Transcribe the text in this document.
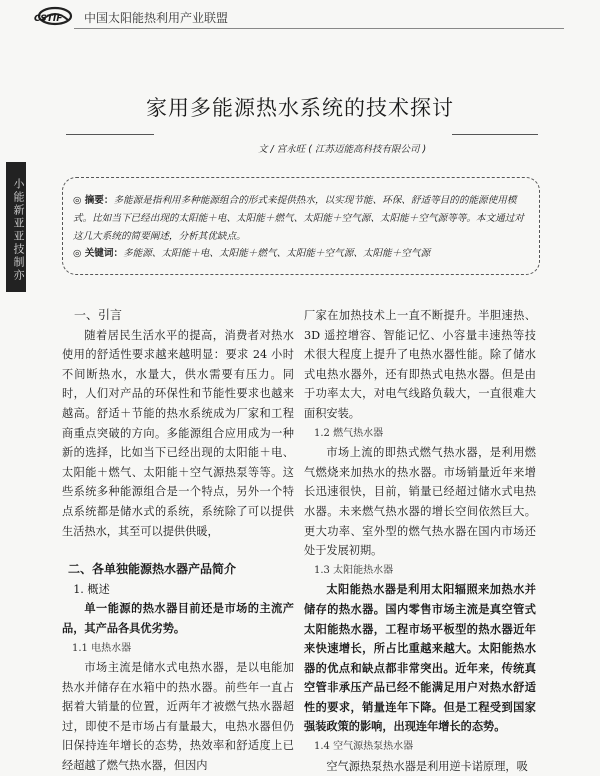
CSTIF	中国太阳能热利用产业联盟
小能新亚亚技制亦
家用多能源热水系统的技术探讨
文 / 宫永旺 ( 江苏迈能高科技有限公司 )
◎ 摘要：多能源是指利用多种能源组合的形式来提供热水，以实现节能、环保、舒适等目的的能源使用模式。比如当下已经出现的太阳能＋电、太阳能＋燃气、太阳能＋空气源、太阳能＋空气源等等。本文通过对这几大系统的简要阐述，分析其优缺点。
◎ 关键词：多能源、太阳能＋电、太阳能＋燃气、太阳能＋空气源、太阳能＋空气源
一、引言

随着居民生活水平的提高，消费者对热水使用的舒适性要求越来越明显：要求 24 小时不间断热水，水量大，供水需要有压力。同时，人们对产品的环保性和节能性要求也越来越高。舒适＋节能的热水系统成为厂家和工程商重点突破的方向。多能源组合应用成为一种新的选择，比如当下已经出现的太阳能＋电、太阳能＋燃气、太阳能＋空气源热泵等等。这些系统多种能源组合是一个特点，另外一个特点系统都是储水式的系统，系统除了可以提供生活热水，其至可以提供供暖，

二、各单独能源热水器产品简介
1. 概述

单一能源的热水器目前还是市场的主流产品，其产品各具优劣势。

1.1 电热水器

市场主流是储水式电热水器，是以电能加热水并储存在水箱中的热水器。前些年一直占据着大销量的位置，近两年才被燃气热水器超过，即使不是市场占有量最大，电热水器但仍旧保持连年增长的态势，热效率和舒适度上已经超越了燃气热水器，但因内

厂家在加热技术上一直不断提升。半胆速热、3D 遥控增容、智能记忆、小容量丰速热等技术很大程度上提升了电热水器性能。除了储水式电热水器外，还有即热式电热水器。但是由于功率太大，对电气线路负载大，一直很难大面积安装。

1.2 燃气热水器

市场上流的即热式燃气热水器，是利用燃气燃烧来加热水的热水器。市场销量近年来增长迅速很快，目前，销量已经超过储水式电热水器。未来燃气热水器的增长空间依然巨大。更大功率、室外型的燃气热水器在国内市场还处于发展初期。

1.3 太阳能热水器

太阳能热水器是利用太阳辐照来加热水并储存的热水器。国内零售市场主流是真空管式太阳能热水器，工程市场平板型的热水器近年来快速增长，所占比重越来越大。太阳能热水器的优点和缺点都非常突出。近年来，传统真空管非承压产品已经不能满足用户对热水舒适性的要求，销量连年下降。但是工程受到国家强装政策的影响，出现连年增长的态势。

1.4 空气源热泵热水器

空气源热泵热水器是利用逆卡诺原理，吸
